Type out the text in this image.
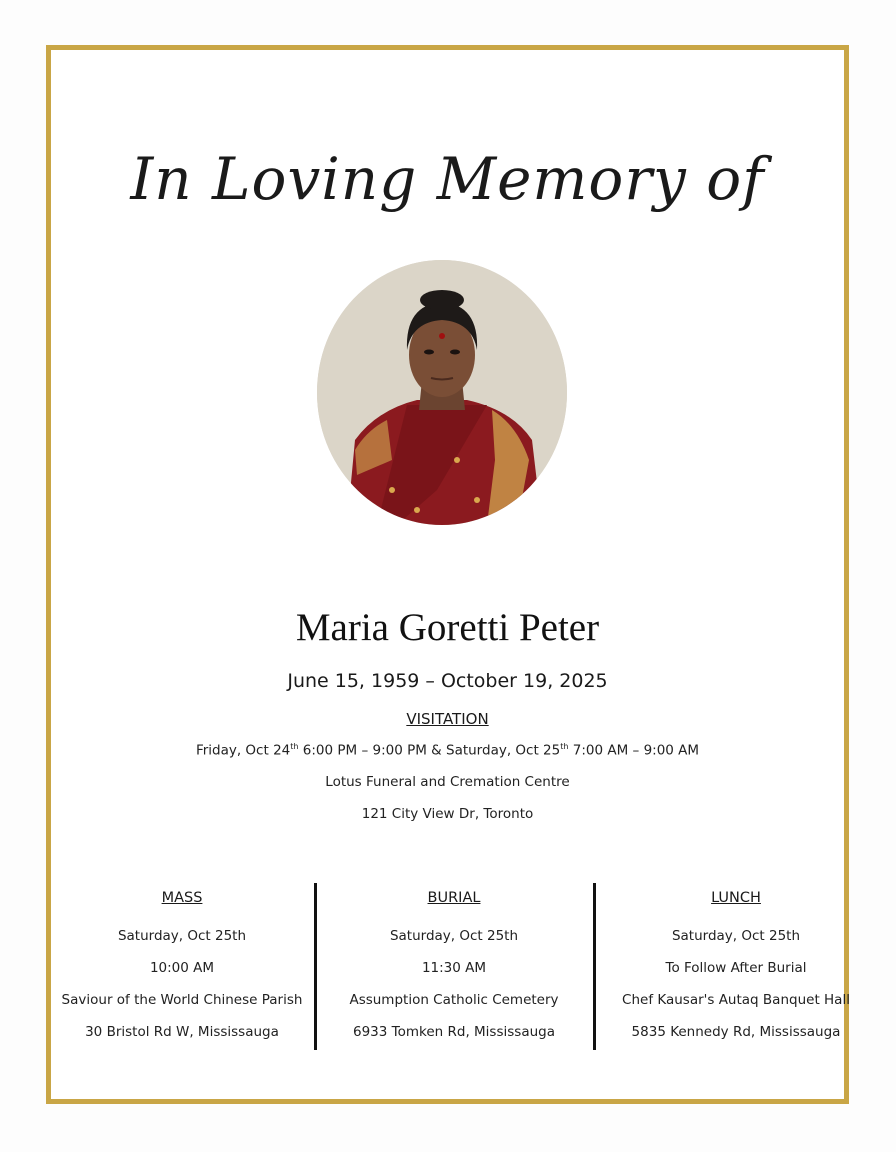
In Loving Memory of
Maria Goretti Peter
June 15, 1959 – October 19, 2025
VISITATION
Friday, Oct 24th 6:00 PM – 9:00 PM & Saturday, Oct 25th 7:00 AM – 9:00 AM
Lotus Funeral and Cremation Centre
121 City View Dr, Toronto
MASS
Saturday, Oct 25th
10:00 AM
Saviour of the World Chinese Parish
30 Bristol Rd W, Mississauga
BURIAL
Saturday, Oct 25th
11:30 AM
Assumption Catholic Cemetery
6933 Tomken Rd, Mississauga
LUNCH
Saturday, Oct 25th
To Follow After Burial
Chef Kausar's Autaq Banquet Hall
5835 Kennedy Rd, Mississauga
